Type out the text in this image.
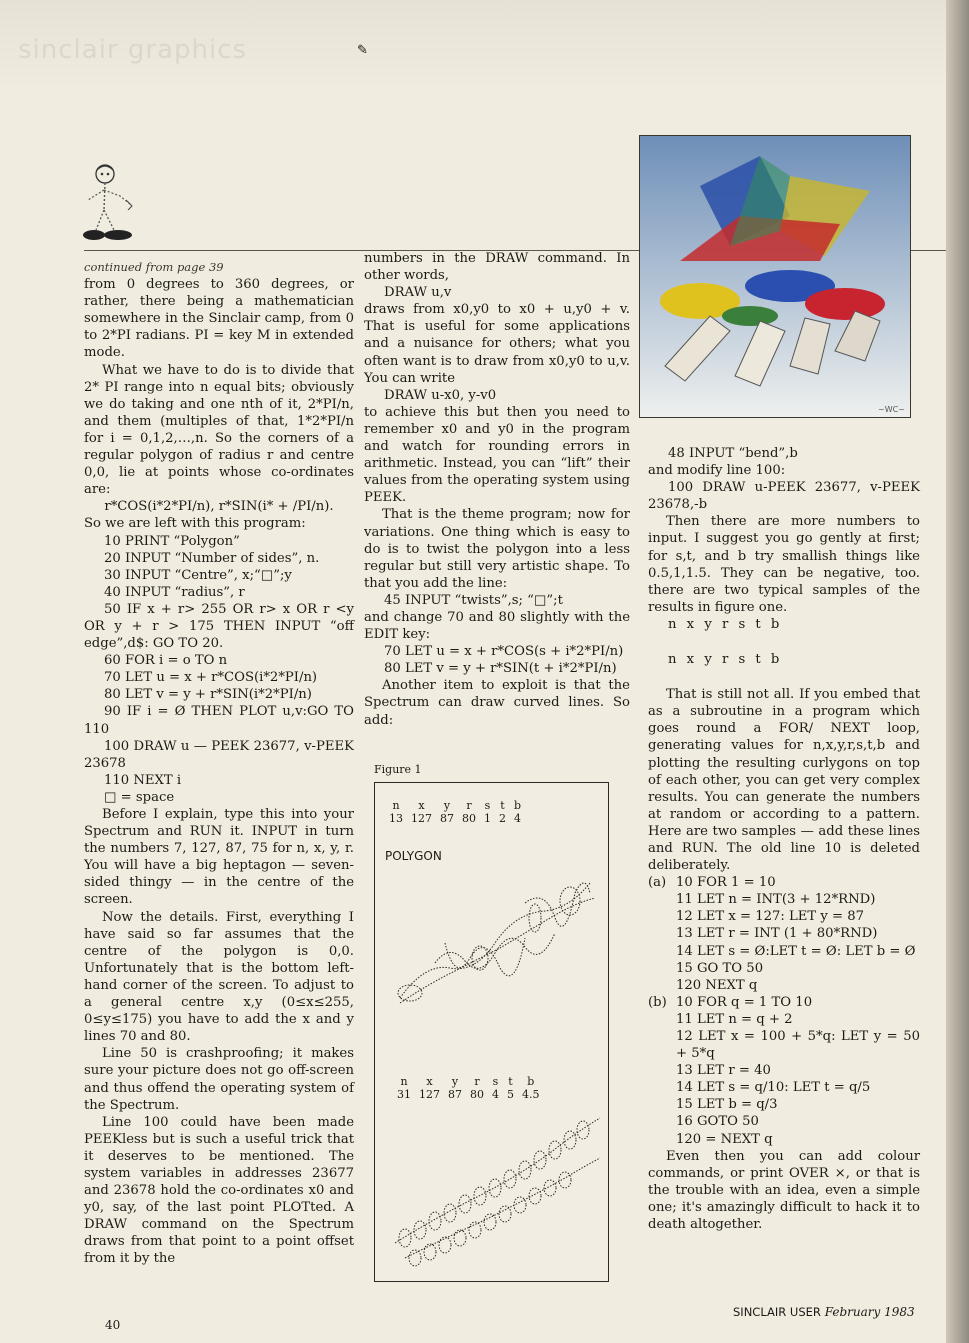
sinclair graphics	✎
~WC~

continued from page 39

from 0 degrees to 360 degrees, or rather, there being a mathematician somewhere in the Sinclair camp, from 0 to 2*PI radians. PI = key M in extended mode.

What we have to do is to divide that 2* PI range into n equal bits; obviously we do taking and one nth of it, 2*PI/n, and them (multiples of that, 1*2*PI/n for i = 0,1,2,…,n. So the corners of a regular polygon of radius r and centre 0,0, lie at points whose co-ordinates are:

r*COS(i*2*PI/n), r*SIN(i* + /PI/n).

So we are left with this program:

10 PRINT “Polygon”

20 INPUT “Number of sides”, n.

30 INPUT “Centre”, x;“□”;y

40 INPUT “radius”, r

50 IF x + r> 255 OR r> x OR r <y OR y + r > 175 THEN INPUT “off edge”,d$: GO TO 20.

60 FOR i = o TO n

70 LET u = x + r*COS(i*2*PI/n)

80 LET v = y + r*SIN(i*2*PI/n)

90 IF i = Ø THEN PLOT u,v:GO TO 110

100 DRAW u — PEEK 23677, v-PEEK 23678

110 NEXT i

□ = space

Before I explain, type this into your Spectrum and RUN it. INPUT in turn the numbers 7, 127, 87, 75 for n, x, y, r. You will have a big heptagon — seven-sided thingy — in the centre of the screen.

Now the details. First, everything I have said so far assumes that the centre of the polygon is 0,0. Unfortunately that is the bottom left-hand corner of the screen. To adjust to a general centre x,y (0≤x≤255, 0≤y≤175) you have to add the x and y lines 70 and 80.

Line 50 is crashproofing; it makes sure your picture does not go off-screen and thus offend the operating system of the Spectrum.

Line 100 could have been made PEEKless but is such a useful trick that it deserves to be mentioned. The system variables in addresses 23677 and 23678 hold the co-ordinates x0 and y0, say, of the last point PLOTted. A DRAW command on the Spectrum draws from that point to a point offset from it by the

numbers in the DRAW command. In other words,

DRAW u,v

draws from x0,y0 to x0 + u,y0 + v. That is useful for some applications and a nuisance for others; what you often want is to draw from x0,y0 to u,v. You can write

DRAW u-x0, y-v0

to achieve this but then you need to remember x0 and y0 in the program and watch for rounding errors in arithmetic. Instead, you can “lift” their values from the operating system using PEEK.

That is the theme program; now for variations. One thing which is easy to do is to twist the polygon into a less regular but still very artistic shape. To that you add the line:

45 INPUT “twists”,s; “□”;t

and change 70 and 80 slightly with the EDIT key:

70 LET u = x + r*COS(s + i*2*PI/n)

80 LET v = y + r*SIN(t + i*2*PI/n)

Another item to exploit is that the Spectrum can draw curved lines. So add:

Figure 1
n	x	y	r	s	t	b
13	127	87	80	1	2	4
POLYGON
n	x	y	r	s	t	b
31	127	87	80	4	5	4.5

48 INPUT “bend”,b

and modify line 100:

100 DRAW u-PEEK 23677, v-PEEK 23678,-b

Then there are more numbers to input. I suggest you go gently at first; for s,t, and b try smallish things like 0.5,1,1.5. They can be negative, too. there are two typical samples of the results in figure one.

n x y r s t b

n x y r s t b

That is still not all. If you embed that as a subroutine in a program which goes round a FOR/ NEXT loop, generating values for n,x,y,r,s,t,b and plotting the resulting curlygons on top of each other, you can get very complex results. You can generate the numbers at random or according to a pattern. Here are two samples — add these lines and RUN. The old line 10 is deleted deliberately.

(a) 10 FOR 1 = 10

11 LET n = INT(3 + 12*RND)

12 LET x = 127: LET y = 87

13 LET r = INT (1 + 80*RND)

14 LET s = Ø:LET t = Ø: LET b = Ø

15 GO TO 50

120 NEXT q

(b) 10 FOR q = 1 TO 10

11 LET n = q + 2

12 LET x = 100 + 5*q: LET y = 50 + 5*q

13 LET r = 40

14 LET s = q/10: LET t = q/5

15 LET b = q/3

16 GOTO 50

120 = NEXT q

Even then you can add colour commands, or print OVER ×, or that is the trouble with an idea, even a simple one; it's amazingly difficult to hack it to death altogether.

40
SINCLAIR USER February 1983
